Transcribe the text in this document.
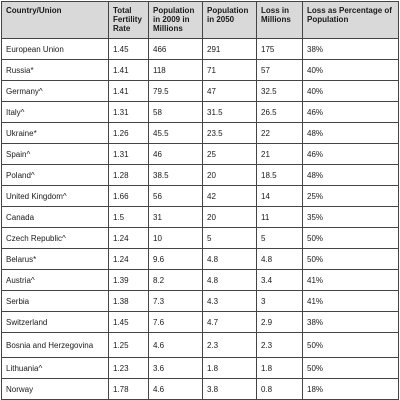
Country/Union	Total Fertility Rate	Population in 2009 in Millions	Population in 2050	Loss in Millions	Loss as Percentage of Population
European Union	1.45	466	291	175	38%
Russia*	1.41	118	71	57	40%
Germany^	1.41	79.5	47	32.5	40%
Italy^	1.31	58	31.5	26.5	46%
Ukraine*	1.26	45.5	23.5	22	48%
Spain^	1.31	46	25	21	46%
Poland^	1.28	38.5	20	18.5	48%
United Kingdom^	1.66	56	42	14	25%
Canada	1.5	31	20	11	35%
Czech Republic^	1.24	10	5	5	50%
Belarus*	1.24	9.6	4.8	4.8	50%
Austria^	1.39	8.2	4.8	3.4	41%
Serbia	1.38	7.3	4.3	3	41%
Switzerland	1.45	7.6	4.7	2.9	38%
Bosnia and Herzegovina	1.25	4.6	2.3	2.3	50%
Lithuania^	1.23	3.6	1.8	1.8	50%
Norway	1.78	4.6	3.8	0.8	18%
